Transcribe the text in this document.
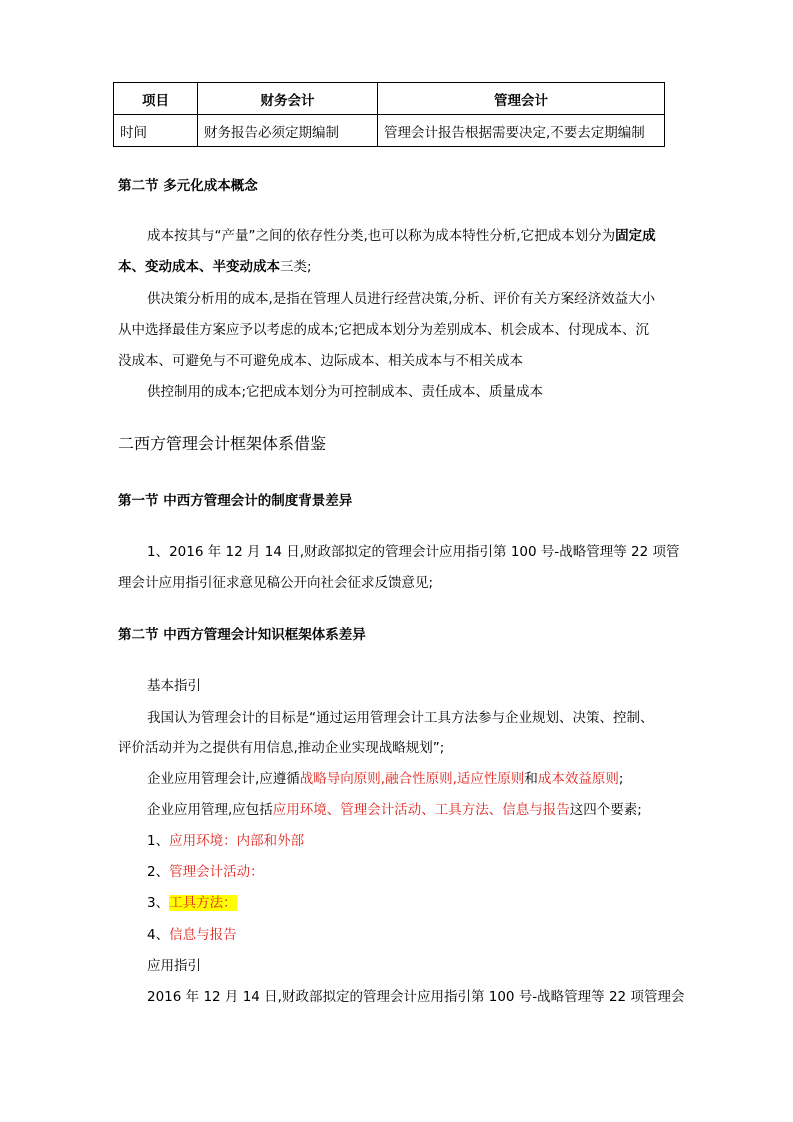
项目	财务会计	管理会计
时间	财务报告必须定期编制	管理会计报告根据需要决定,不要去定期编制
第二节 多元化成本概念
成本按其与“产量”之间的依存性分类,也可以称为成本特性分析,它把成本划分为固定成
本、变动成本、半变动成本三类;
供决策分析用的成本,是指在管理人员进行经营决策,分析、评价有关方案经济效益大小
从中选择最佳方案应予以考虑的成本;它把成本划分为差别成本、机会成本、付现成本、沉
没成本、可避免与不可避免成本、边际成本、相关成本与不相关成本
供控制用的成本;它把成本划分为可控制成本、责任成本、质量成本
二西方管理会计框架体系借鉴
第一节 中西方管理会计的制度背景差异
1、2016 年 12 月 14 日,财政部拟定的管理会计应用指引第 100 号-战略管理等 22 项管
理会计应用指引征求意见稿公开向社会征求反馈意见;
第二节 中西方管理会计知识框架体系差异
基本指引
我国认为管理会计的目标是“通过运用管理会计工具方法参与企业规划、决策、控制、
评价活动并为之提供有用信息,推动企业实现战略规划”;
企业应用管理会计,应遵循战略导向原则,融合性原则,适应性原则和成本效益原则;
企业应用管理,应包括应用环境、管理会计活动、工具方法、信息与报告这四个要素;
1、应用环境：内部和外部
2、管理会计活动：
3、工具方法：
4、信息与报告
应用指引
2016 年 12 月 14 日,财政部拟定的管理会计应用指引第 100 号-战略管理等 22 项管理会
